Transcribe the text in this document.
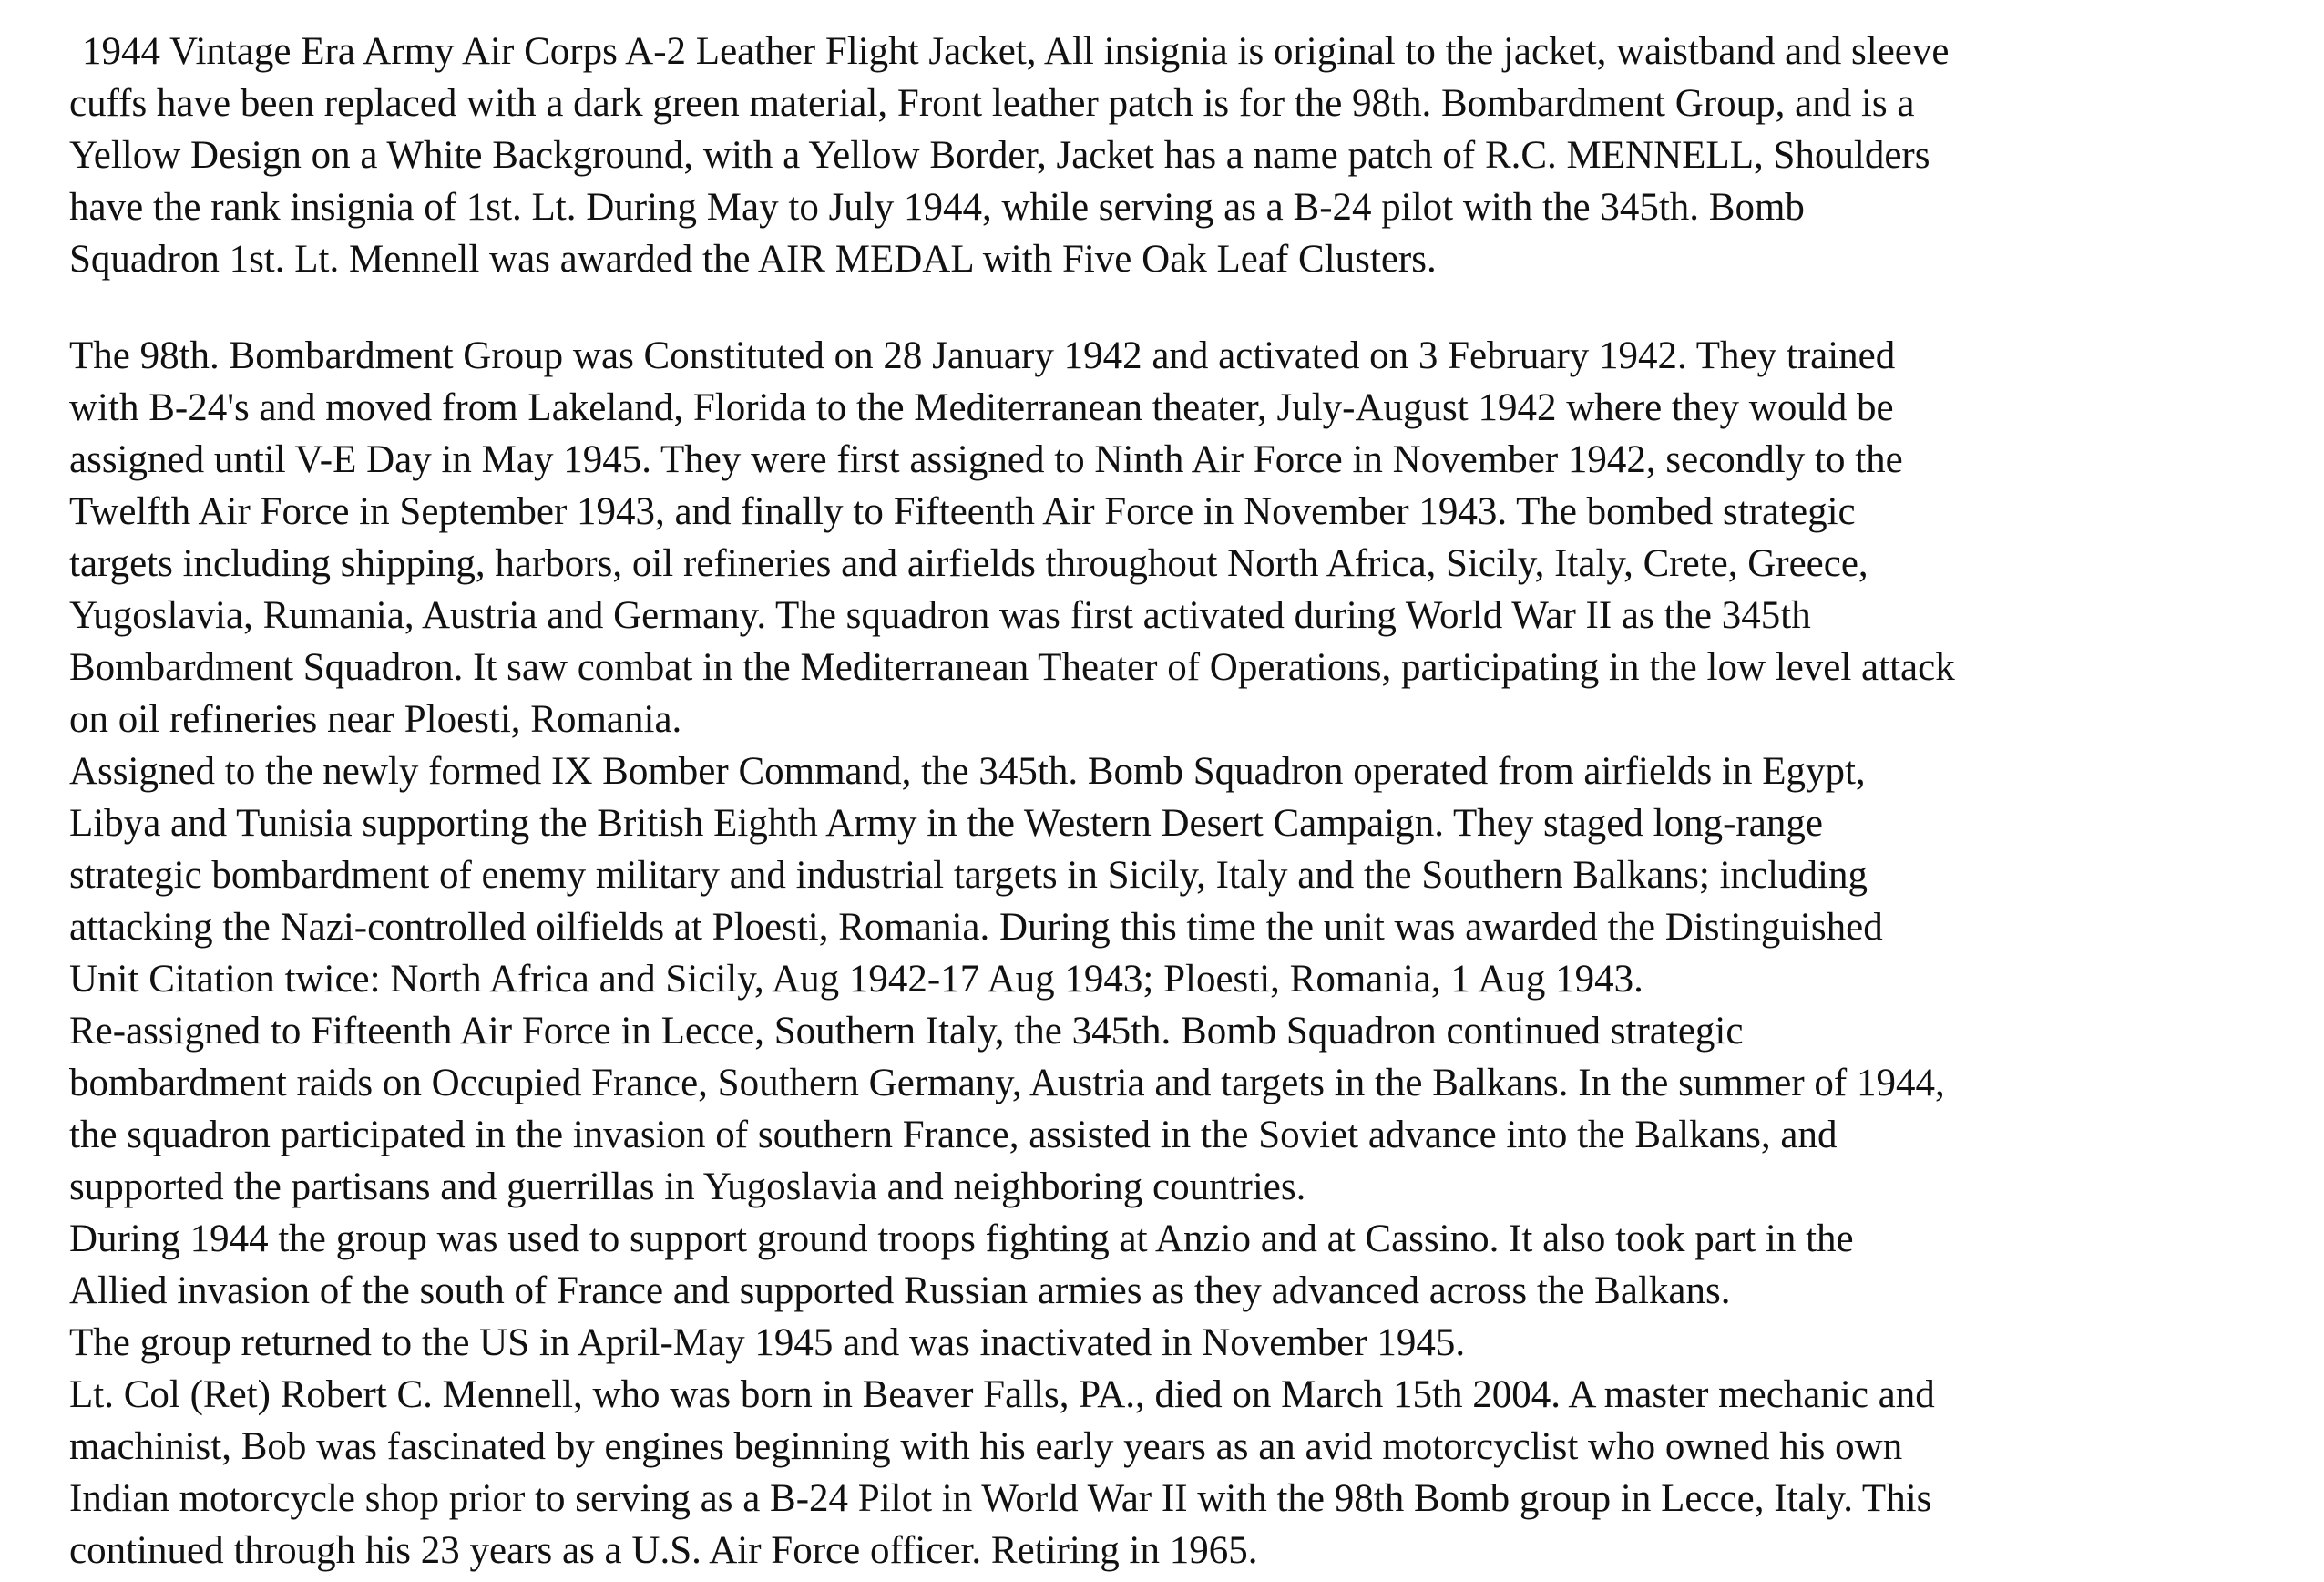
1944 Vintage Era Army Air Corps A-2 Leather Flight Jacket, All insignia is original to the jacket, waistband and sleeve
cuffs have been replaced with a dark green material, Front leather patch is for the 98th. Bombardment Group, and is a
Yellow Design on a White Background, with a Yellow Border, Jacket has a name patch of R.C. MENNELL, Shoulders
have the rank insignia of 1st. Lt. During May to July 1944, while serving as a B-24 pilot with the 345th. Bomb
Squadron 1st. Lt. Mennell was awarded the AIR MEDAL with Five Oak Leaf Clusters.
The 98th. Bombardment Group was Constituted on 28 January 1942 and activated on 3 February 1942. They trained
with B-24's and moved from Lakeland, Florida to the Mediterranean theater, July-August 1942 where they would be
assigned until V-E Day in May 1945. They were first assigned to Ninth Air Force in November 1942, secondly to the
Twelfth Air Force in September 1943, and finally to Fifteenth Air Force in November 1943. The bombed strategic
targets including shipping, harbors, oil refineries and airfields throughout North Africa, Sicily, Italy, Crete, Greece,
Yugoslavia, Rumania, Austria and Germany. The squadron was first activated during World War II as the 345th
Bombardment Squadron. It saw combat in the Mediterranean Theater of Operations, participating in the low level attack
on oil refineries near Ploesti, Romania.
Assigned to the newly formed IX Bomber Command, the 345th. Bomb Squadron operated from airfields in Egypt,
Libya and Tunisia supporting the British Eighth Army in the Western Desert Campaign. They staged long-range
strategic bombardment of enemy military and industrial targets in Sicily, Italy and the Southern Balkans; including
attacking the Nazi-controlled oilfields at Ploesti, Romania. During this time the unit was awarded the Distinguished
Unit Citation twice: North Africa and Sicily, Aug 1942-17 Aug 1943; Ploesti, Romania, 1 Aug 1943.
Re-assigned to Fifteenth Air Force in Lecce, Southern Italy, the 345th. Bomb Squadron continued strategic
bombardment raids on Occupied France, Southern Germany, Austria and targets in the Balkans. In the summer of 1944,
the squadron participated in the invasion of southern France, assisted in the Soviet advance into the Balkans, and
supported the partisans and guerrillas in Yugoslavia and neighboring countries.
During 1944 the group was used to support ground troops fighting at Anzio and at Cassino. It also took part in the
Allied invasion of the south of France and supported Russian armies as they advanced across the Balkans.
The group returned to the US in April-May 1945 and was inactivated in November 1945.
Lt. Col (Ret) Robert C. Mennell, who was born in Beaver Falls, PA., died on March 15th 2004. A master mechanic and
machinist, Bob was fascinated by engines beginning with his early years as an avid motorcyclist who owned his own
Indian motorcycle shop prior to serving as a B-24 Pilot in World War II with the 98th Bomb group in Lecce, Italy. This
continued through his 23 years as a U.S. Air Force officer. Retiring in 1965.
